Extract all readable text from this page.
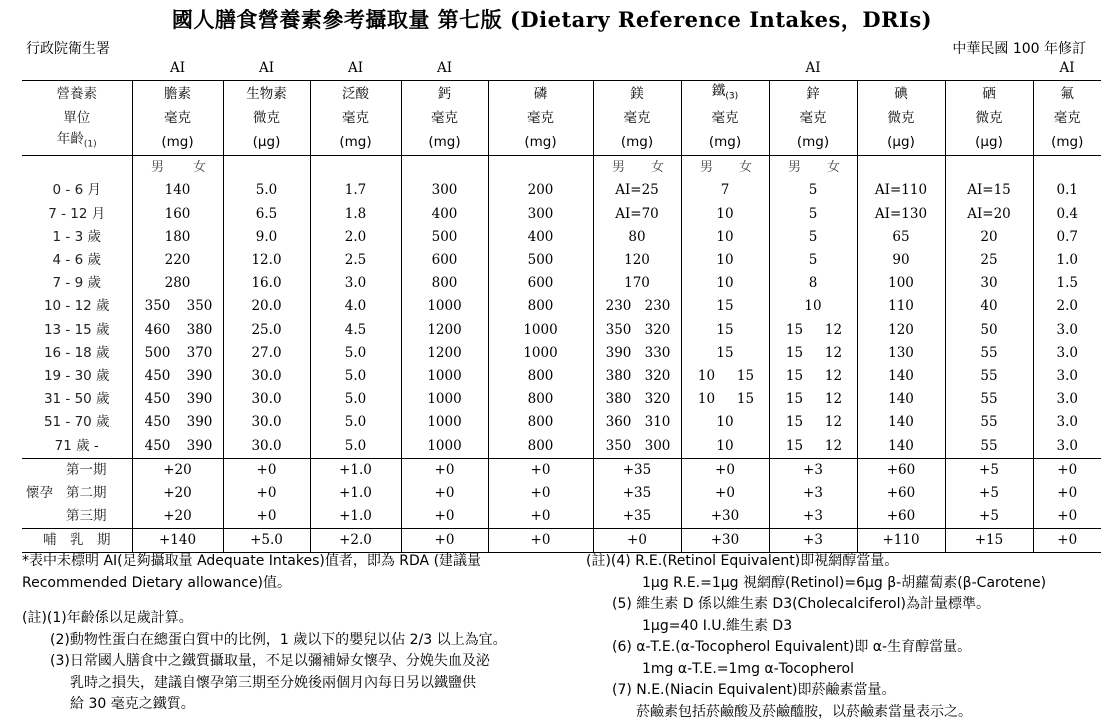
國人膳食營養素參考攝取量 第七版 (Dietary Reference Intakes，DRIs)
行政院衛生署	中華民國 100 年修訂
	AI	AI	AI	AI				AI			AI
營養素	膽素	生物素	泛酸	鈣	磷	鎂	鐵$_{(3)}$	鋅	碘	硒	氟
單位	毫克	微克	毫克	毫克	毫克	毫克	毫克	毫克	微克	微克	毫克
年齡$_{(1)}$	(mg)	(μg)	(mg)	(mg)	(mg)	(mg)	(mg)	(mg)	(μg)	(μg)	(mg)

	男 女					男 女	男 女	男 女			

0 - 6 月	140	5.0	1.7	300	200	AI=25	7	5	AI=110	AI=15	0.1
7 - 12 月	160	6.5	1.8	400	300	AI=70	10	5	AI=130	AI=20	0.4
1 - 3 歲	180	9.0	2.0	500	400	80	10	5	65	20	0.7
4 - 6 歲	220	12.0	2.5	600	500	120	10	5	90	25	1.0
7 - 9 歲	280	16.0	3.0	800	600	170	10	8	100	30	1.5
10 - 12 歲	350 350	20.0	4.0	1000	800	230 230	15	10	110	40	2.0
13 - 15 歲	460 380	25.0	4.5	1200	1000	350 320	15	15 12	120	50	3.0
16 - 18 歲	500 370	27.0	5.0	1200	1000	390 330	15	15 12	130	55	3.0
19 - 30 歲	450 390	30.0	5.0	1000	800	380 320	10 15	15 12	140	55	3.0
31 - 50 歲	450 390	30.0	5.0	1000	800	380 320	10 15	15 12	140	55	3.0
51 - 70 歲	450 390	30.0	5.0	1000	800	360 310	10	15 12	140	55	3.0
71 歲 -	450 390	30.0	5.0	1000	800	350 300	10	15 12	140	55	3.0
第一期	+20	+0	+1.0	+0	+0	+35	+0	+3	+60	+5	+0
懷孕 第二期	+20	+0	+1.0	+0	+0	+35	+0	+3	+60	+5	+0
第三期	+20	+0	+1.0	+0	+0	+35	+30	+3	+60	+5	+0
哺　乳　期	+140	+5.0	+2.0	+0	+0	+0	+30	+3	+110	+15	+0
*表中未標明 AI(足夠攝取量 Adequate Intakes)值者，即為 RDA (建議量
Recommended Dietary allowance)值。
(註)(1)年齡係以足歲計算。
(2)動物性蛋白在總蛋白質中的比例，1 歲以下的嬰兒以佔 2/3 以上為宜。
(3)日常國人膳食中之鐵質攝取量，不足以彌補婦女懷孕、分娩失血及泌
乳時之損失，建議自懷孕第三期至分娩後兩個月內每日另以鐵鹽供
給 30 毫克之鐵質。
(註)(4) R.E.(Retinol Equivalent)即視網醇當量。
1μg R.E.=1μg 視網醇(Retinol)=6μg β-胡蘿蔔素(β-Carotene)
(5) 維生素 D 係以維生素 D3(Cholecalciferol)為計量標準。
1μg=40 I.U.維生素 D3
(6) α-T.E.(α-Tocopherol Equivalent)即 α-生育醇當量。
1mg α-T.E.=1mg α-Tocopherol
(7) N.E.(Niacin Equivalent)即菸鹼素當量。
菸鹼素包括菸鹼酸及菸鹼醯胺，以菸鹼素當量表示之。
